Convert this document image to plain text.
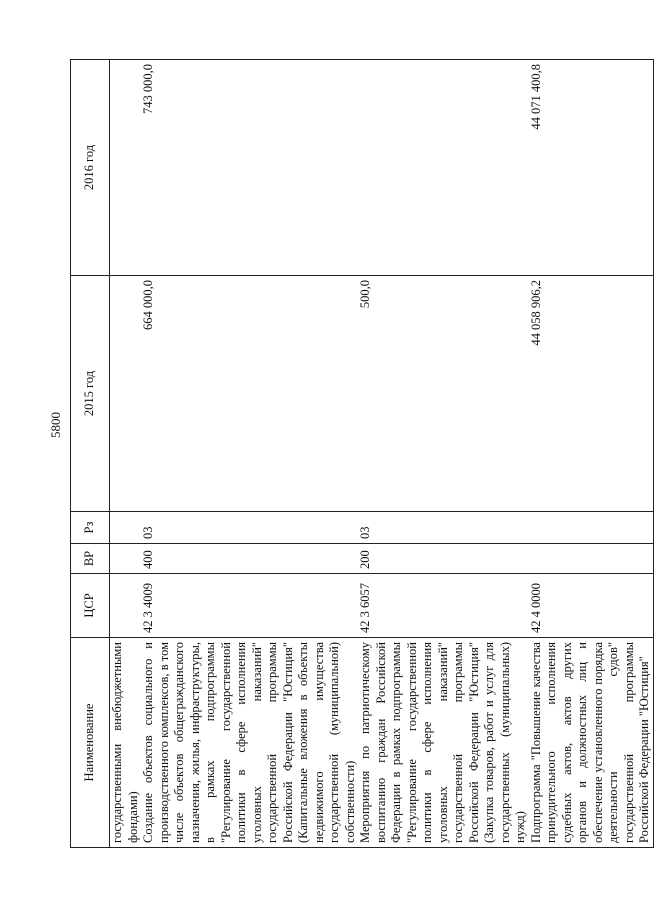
5800
Наименование	ЦСР	ВР	Рз	2015 год	2016 год
государственными внебюджетными фондами)					
Создание объектов социального и производственного комплексов, в том числе объектов общегражданского назначения, жилья, инфраструктуры, в рамках подпрограммы "Регулирование государственной политики в сфере исполнения уголовных наказаний" государственной программы Российской Федерации "Юстиция" (Капитальные вложения в объекты недвижимого имущества государственной (муниципальной) собственности)	42 3 4009	400	03	664 000,0	743 000,0
Мероприятия по патриотическому воспитанию граждан Российской Федерации в рамках подпрограммы "Регулирование государственной политики в сфере исполнения уголовных наказаний" государственной программы Российской Федерации "Юстиция" (Закупка товаров, работ и услуг для государственных (муниципальных) нужд)	42 3 6057	200	03	500,0	
Подпрограмма "Повышение качества принудительного исполнения судебных актов, актов других органов и должностных лиц и обеспечение установленного порядка деятельности судов" государственной программы Российской Федерации "Юстиция"	42 4 0000			44 058 906,2	44 071 400,8
